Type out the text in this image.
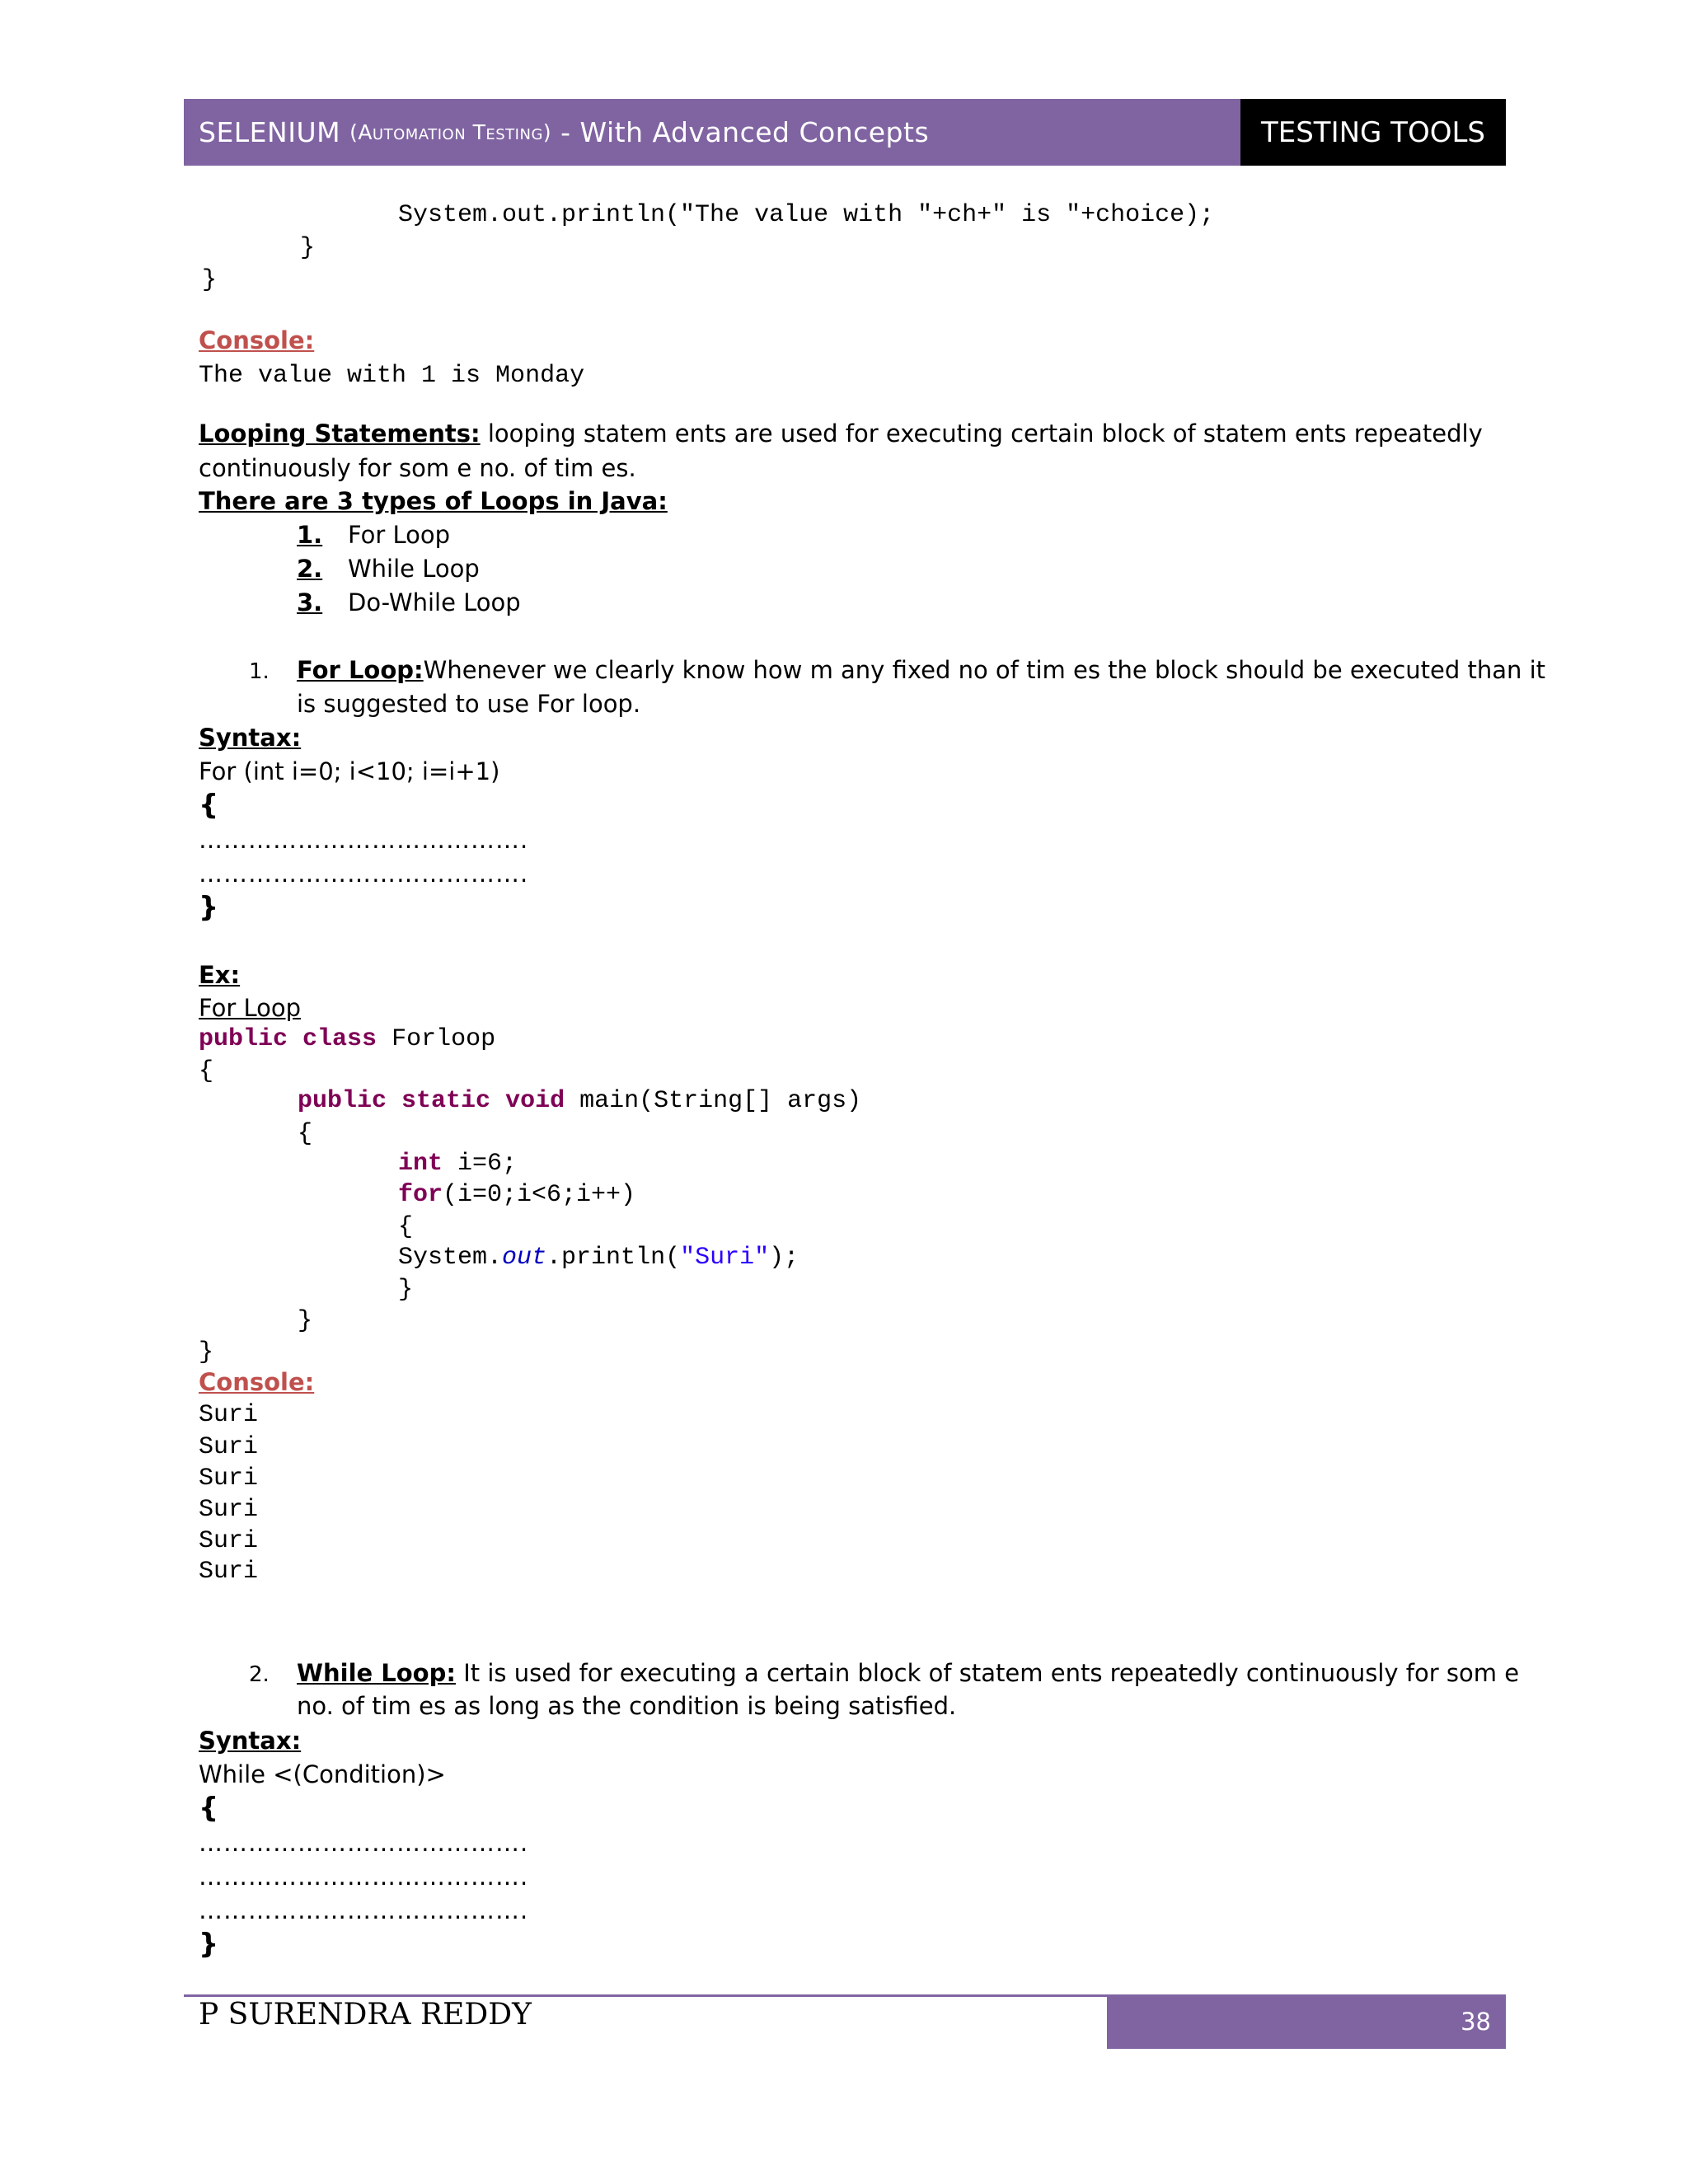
SELENIUM
(Automation Testing)
- With Advanced Concepts	TESTING TOOLS
System.out.println("The value with "+ch+" is "+choice);
}
}
Console:
The value with 1 is Monday
Looping Statements: looping statem ents are used for executing certain block of statem ents repeatedly
continuously for som e no. of tim es.
There are 3 types of Loops in Java:
1. For Loop
2. While Loop
3. Do-While Loop
1. For Loop:Whenever we clearly know how m any fixed no of tim es the block should be executed than it
is suggested to use For loop.
Syntax:
For (int i=0; i<10; i=i+1)
{
………………………………….
………………………………….
}
Ex:
For Loop
public class Forloop
{
public static void main(String[] args)
{
int i=6;
for(i=0;i<6;i++)
{
System.out.println("Suri");
}
}
}
Console:
Suri
Suri
Suri
Suri
Suri
Suri
2. While Loop: It is used for executing a certain block of statem ents repeatedly continuously for som e
no. of tim es as long as the condition is being satisfied.
Syntax:
While <(Condition)>
{
………………………………….
………………………………….
………………………………….
}
P SURENDRA REDDY	38
